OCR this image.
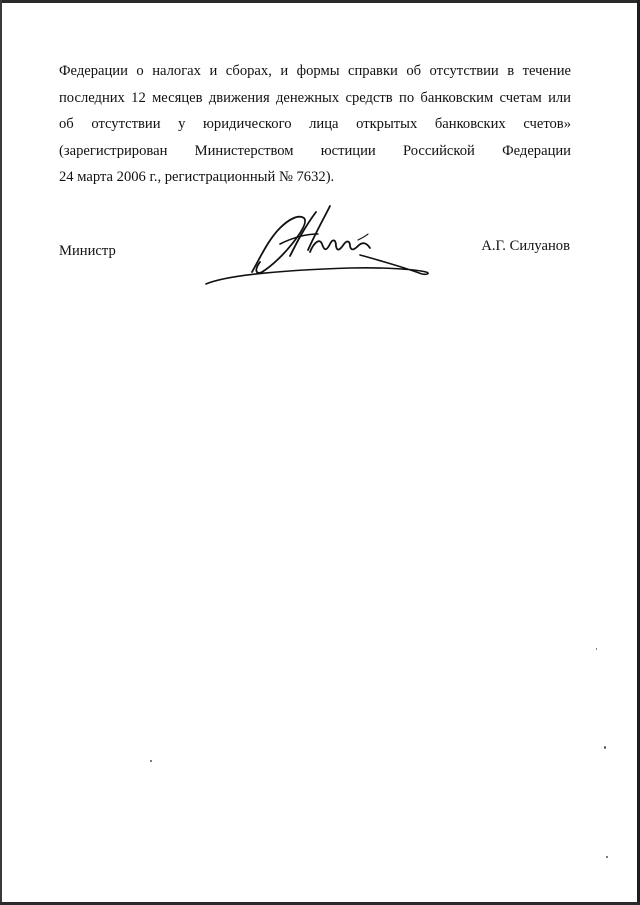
Федерации о налогах и сборах, и формы справки об отсутствии в течение
последних 12 месяцев движения денежных средств по банковским счетам или
об отсутствии у юридического лица открытых банковских счетов»
(зарегистрирован Министерством юстиции Российской Федерации
24 марта 2006 г., регистрационный № 7632).
Министр	А.Г. Силуанов
